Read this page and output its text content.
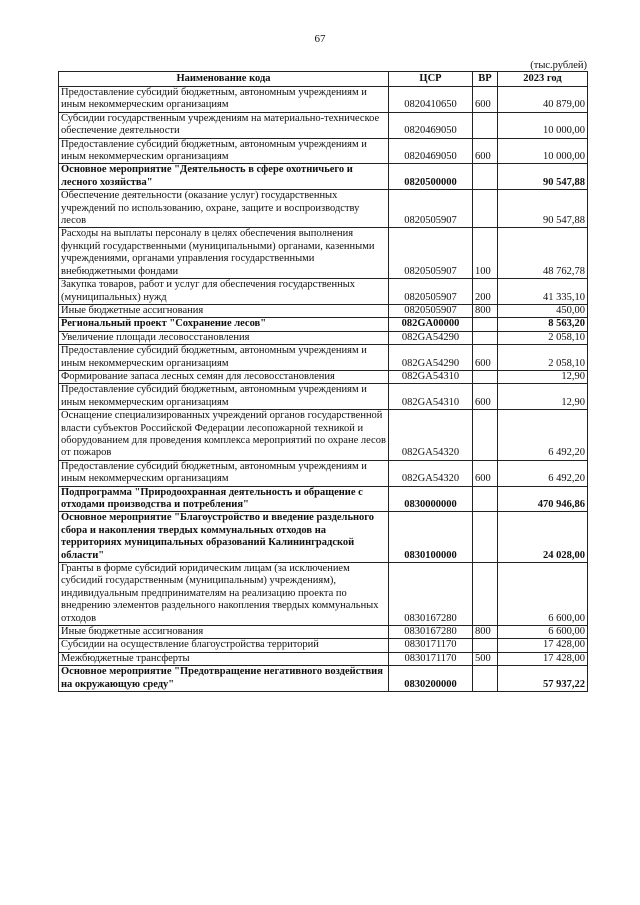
67
(тыс.рублей)
Наименование кода	ЦСР	ВР	2023 год
Предоставление субсидий бюджетным, автономным учреждениям и иным некоммерческим организациям	0820410650	600	40 879,00
Субсидии государственным учреждениям на материально-техническое обеспечение деятельности	0820469050		10 000,00
Предоставление субсидий бюджетным, автономным учреждениям и иным некоммерческим организациям	0820469050	600	10 000,00
Основное мероприятие "Деятельность в сфере охотничьего и лесного хозяйства"	0820500000		90 547,88
Обеспечение деятельности (оказание услуг) государственных учреждений по использованию, охране, защите и воспроизводству лесов	0820505907		90 547,88
Расходы на выплаты персоналу в целях обеспечения выполнения функций государственными (муниципальными) органами, казенными учреждениями, органами управления государственными внебюджетными фондами	0820505907	100	48 762,78
Закупка товаров, работ и услуг для обеспечения государственных (муниципальных) нужд	0820505907	200	41 335,10
Иные бюджетные ассигнования	0820505907	800	450,00
Региональный проект "Сохранение лесов"	082GA00000		8 563,20
Увеличение площади лесовосстановления	082GA54290		2 058,10
Предоставление субсидий бюджетным, автономным учреждениям и иным некоммерческим организациям	082GA54290	600	2 058,10
Формирование запаса лесных семян для лесовосстановления	082GA54310		12,90
Предоставление субсидий бюджетным, автономным учреждениям и иным некоммерческим организациям	082GA54310	600	12,90
Оснащение специализированных учреждений органов государственной власти субъектов Российской Федерации лесопожарной техникой и оборудованием для проведения комплекса мероприятий по охране лесов от пожаров	082GA54320		6 492,20
Предоставление субсидий бюджетным, автономным учреждениям и иным некоммерческим организациям	082GA54320	600	6 492,20
Подпрограмма "Природоохранная деятельность и обращение с отходами производства и потребления"	0830000000		470 946,86
Основное мероприятие "Благоустройство и введение раздельного сбора и накопления твердых коммунальных отходов на территориях муниципальных образований Калининградской области"	0830100000		24 028,00
Гранты в форме субсидий юридическим лицам (за исключением субсидий государственным (муниципальным) учреждениям), индивидуальным предпринимателям на реализацию проекта по внедрению элементов раздельного накопления твердых коммунальных отходов	0830167280		6 600,00
Иные бюджетные ассигнования	0830167280	800	6 600,00
Субсидии на осуществление благоустройства территорий	0830171170		17 428,00
Межбюджетные трансферты	0830171170	500	17 428,00
Основное мероприятие "Предотвращение негативного воздействия на окружающую среду"	0830200000		57 937,22
